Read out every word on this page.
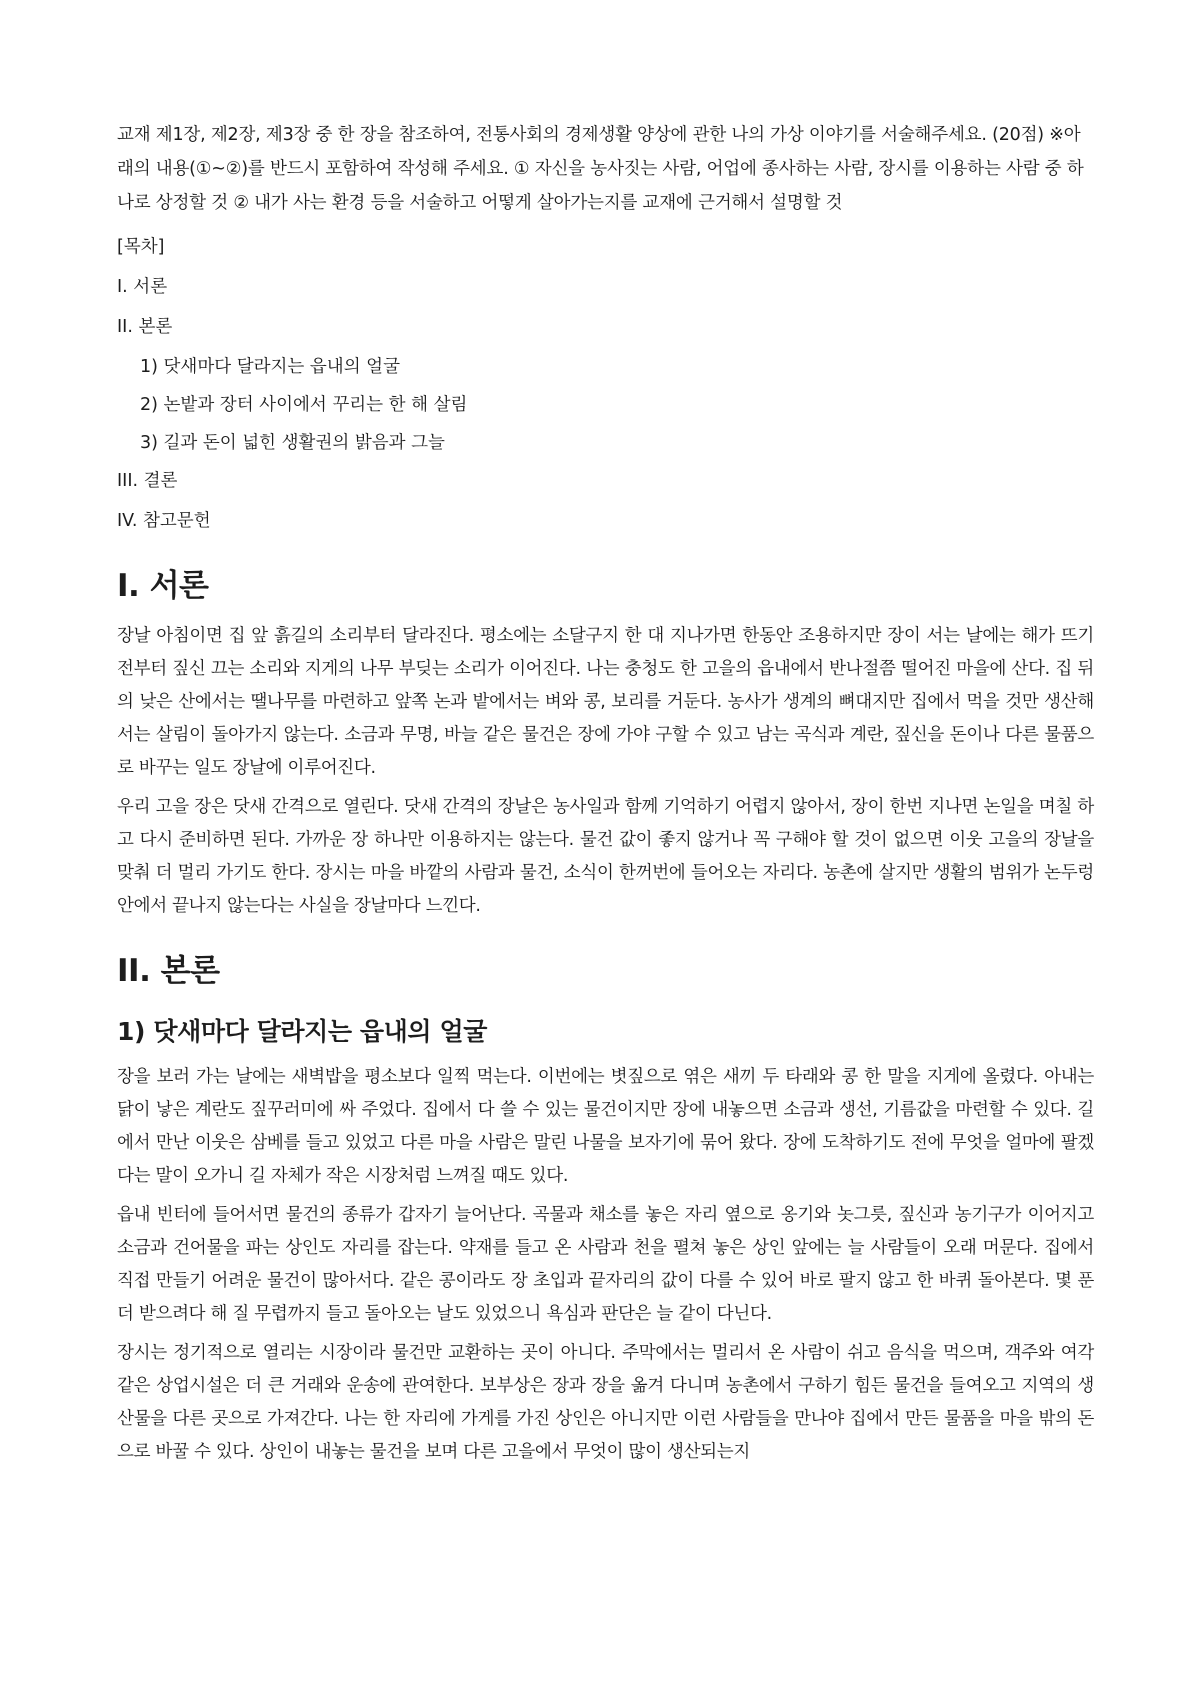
교재 제1장, 제2장, 제3장 중 한 장을 참조하여, 전통사회의 경제생활 양상에 관한 나의 가상 이야기를 서술해주세요. (20점) ※아래의 내용(①~②)를 반드시 포함하여 작성해 주세요. ① 자신을 농사짓는 사람, 어업에 종사하는 사람, 장시를 이용하는 사람 중 하나로 상정할 것 ② 내가 사는 환경 등을 서술하고 어떻게 살아가는지를 교재에 근거해서 설명할 것

[목차]
I. 서론
II. 본론
1) 닷새마다 달라지는 읍내의 얼굴
2) 논밭과 장터 사이에서 꾸리는 한 해 살림
3) 길과 돈이 넓힌 생활권의 밝음과 그늘
III. 결론
IV. 참고문헌
I. 서론

장날 아침이면 집 앞 흙길의 소리부터 달라진다. 평소에는 소달구지 한 대 지나가면 한동안 조용하지만 장이 서는 날에는 해가 뜨기 전부터 짚신 끄는 소리와 지게의 나무 부딪는 소리가 이어진다. 나는 충청도 한 고을의 읍내에서 반나절쯤 떨어진 마을에 산다. 집 뒤의 낮은 산에서는 땔나무를 마련하고 앞쪽 논과 밭에서는 벼와 콩, 보리를 거둔다. 농사가 생계의 뼈대지만 집에서 먹을 것만 생산해서는 살림이 돌아가지 않는다. 소금과 무명, 바늘 같은 물건은 장에 가야 구할 수 있고 남는 곡식과 계란, 짚신을 돈이나 다른 물품으로 바꾸는 일도 장날에 이루어진다.

우리 고을 장은 닷새 간격으로 열린다. 닷새 간격의 장날은 농사일과 함께 기억하기 어렵지 않아서, 장이 한번 지나면 논일을 며칠 하고 다시 준비하면 된다. 가까운 장 하나만 이용하지는 않는다. 물건 값이 좋지 않거나 꼭 구해야 할 것이 없으면 이웃 고을의 장날을 맞춰 더 멀리 가기도 한다. 장시는 마을 바깥의 사람과 물건, 소식이 한꺼번에 들어오는 자리다. 농촌에 살지만 생활의 범위가 논두렁 안에서 끝나지 않는다는 사실을 장날마다 느낀다.

II. 본론
1) 닷새마다 달라지는 읍내의 얼굴

장을 보러 가는 날에는 새벽밥을 평소보다 일찍 먹는다. 이번에는 볏짚으로 엮은 새끼 두 타래와 콩 한 말을 지게에 올렸다. 아내는 닭이 낳은 계란도 짚꾸러미에 싸 주었다. 집에서 다 쓸 수 있는 물건이지만 장에 내놓으면 소금과 생선, 기름값을 마련할 수 있다. 길에서 만난 이웃은 삼베를 들고 있었고 다른 마을 사람은 말린 나물을 보자기에 묶어 왔다. 장에 도착하기도 전에 무엇을 얼마에 팔겠다는 말이 오가니 길 자체가 작은 시장처럼 느껴질 때도 있다.

읍내 빈터에 들어서면 물건의 종류가 갑자기 늘어난다. 곡물과 채소를 놓은 자리 옆으로 옹기와 놋그릇, 짚신과 농기구가 이어지고 소금과 건어물을 파는 상인도 자리를 잡는다. 약재를 들고 온 사람과 천을 펼쳐 놓은 상인 앞에는 늘 사람들이 오래 머문다. 집에서 직접 만들기 어려운 물건이 많아서다. 같은 콩이라도 장 초입과 끝자리의 값이 다를 수 있어 바로 팔지 않고 한 바퀴 돌아본다. 몇 푼 더 받으려다 해 질 무렵까지 들고 돌아오는 날도 있었으니 욕심과 판단은 늘 같이 다닌다.

장시는 정기적으로 열리는 시장이라 물건만 교환하는 곳이 아니다. 주막에서는 멀리서 온 사람이 쉬고 음식을 먹으며, 객주와 여각 같은 상업시설은 더 큰 거래와 운송에 관여한다. 보부상은 장과 장을 옮겨 다니며 농촌에서 구하기 힘든 물건을 들여오고 지역의 생산물을 다른 곳으로 가져간다. 나는 한 자리에 가게를 가진 상인은 아니지만 이런 사람들을 만나야 집에서 만든 물품을 마을 밖의 돈으로 바꿀 수 있다. 상인이 내놓는 물건을 보며 다른 고을에서 무엇이 많이 생산되는지
